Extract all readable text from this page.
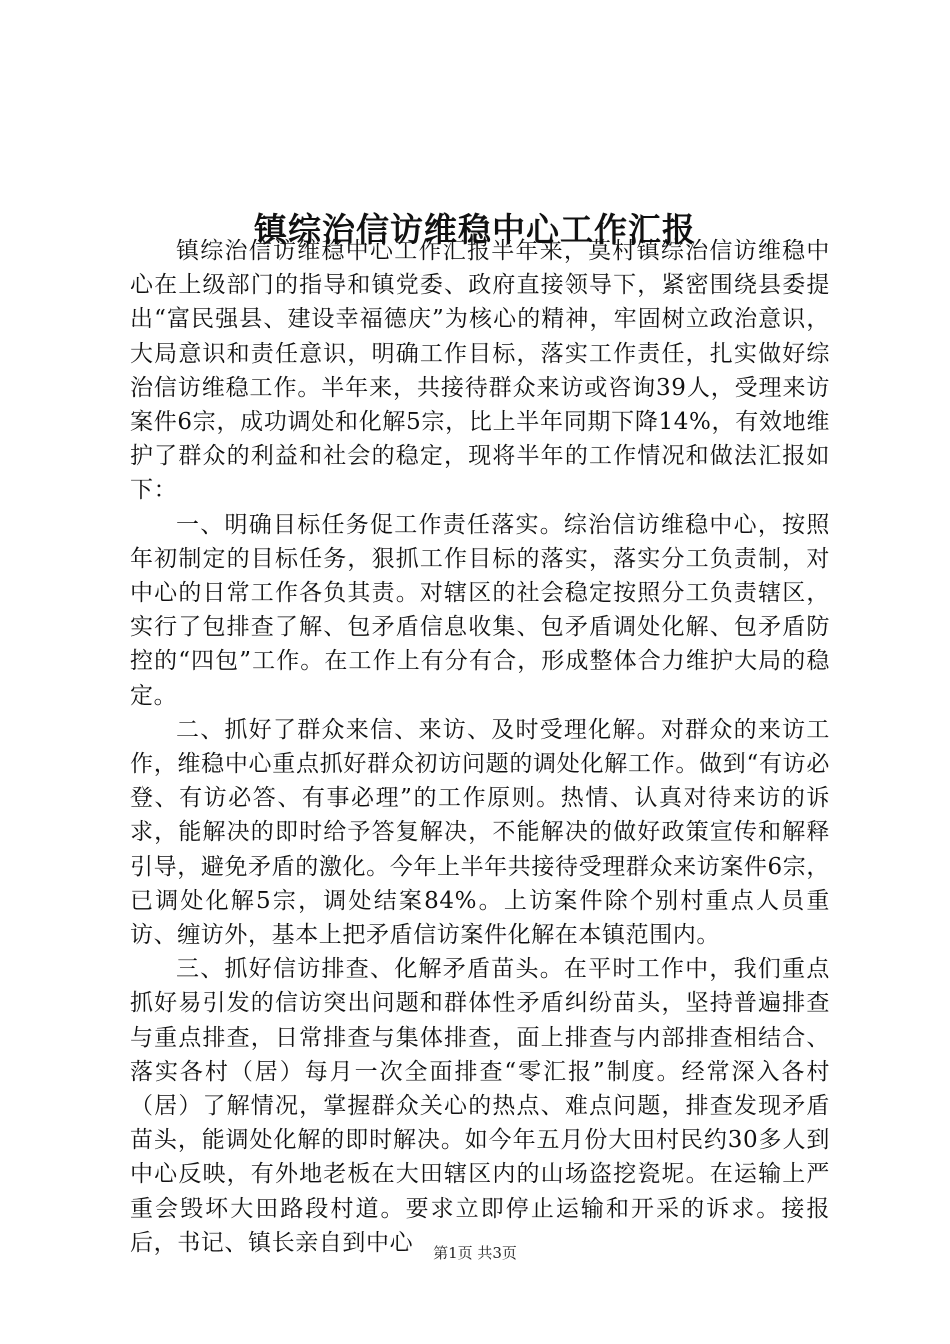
镇综治信访维稳中心工作汇报

镇综治信访维稳中心工作汇报半年来，莫村镇综治信访维稳中心在上级部门的指导和镇党委、政府直接领导下，紧密围绕县委提出“富民强县、建设幸福德庆”为核心的精神，牢固树立政治意识，大局意识和责任意识，明确工作目标，落实工作责任，扎实做好综治信访维稳工作。半年来，共接待群众来访或咨询39人，受理来访案件6宗，成功调处和化解5宗，比上半年同期下降14%，有效地维护了群众的利益和社会的稳定，现将半年的工作情况和做法汇报如下：

一、明确目标任务促工作责任落实。综治信访维稳中心，按照年初制定的目标任务，狠抓工作目标的落实，落实分工负责制，对中心的日常工作各负其责。对辖区的社会稳定按照分工负责辖区，实行了包排查了解、包矛盾信息收集、包矛盾调处化解、包矛盾防控的“四包”工作。在工作上有分有合，形成整体合力维护大局的稳定。

二、抓好了群众来信、来访、及时受理化解。对群众的来访工作，维稳中心重点抓好群众初访问题的调处化解工作。做到“有访必登、有访必答、有事必理”的工作原则。热情、认真对待来访的诉求，能解决的即时给予答复解决，不能解决的做好政策宣传和解释引导，避免矛盾的激化。今年上半年共接待受理群众来访案件6宗，已调处化解5宗，调处结案84%。上访案件除个别村重点人员重访、缠访外，基本上把矛盾信访案件化解在本镇范围内。

三、抓好信访排查、化解矛盾苗头。在平时工作中，我们重点抓好易引发的信访突出问题和群体性矛盾纠纷苗头，坚持普遍排查与重点排查，日常排查与集体排查，面上排查与内部排查相结合、落实各村（居）每月一次全面排查“零汇报”制度。经常深入各村（居）了解情况，掌握群众关心的热点、难点问题，排查发现矛盾苗头，能调处化解的即时解决。如今年五月份大田村民约30多人到中心反映，有外地老板在大田辖区内的山场盗挖瓷坭。在运输上严重会毁坏大田路段村道。要求立即停止运输和开采的诉求。接报后，书记、镇长亲自到中心	第1页 共3页
